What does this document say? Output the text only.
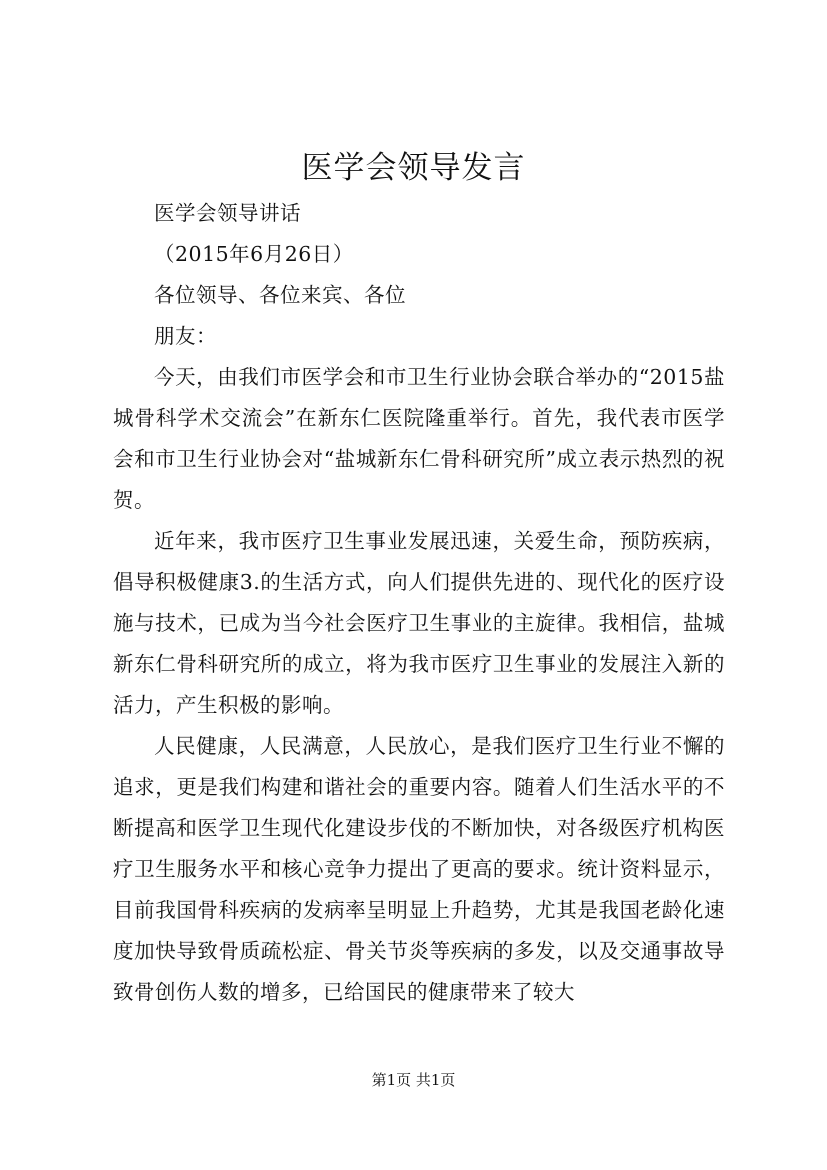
医学会领导发言

医学会领导讲话

（2015年6月26日）

各位领导、各位来宾、各位

朋友：

今天，由我们市医学会和市卫生行业协会联合举办的“2015盐城骨科学术交流会”在新东仁医院隆重举行。首先，我代表市医学会和市卫生行业协会对“盐城新东仁骨科研究所”成立表示热烈的祝贺。

近年来，我市医疗卫生事业发展迅速，关爱生命，预防疾病，倡导积极健康3.的生活方式，向人们提供先进的、现代化的医疗设施与技术，已成为当今社会医疗卫生事业的主旋律。我相信，盐城新东仁骨科研究所的成立，将为我市医疗卫生事业的发展注入新的活力，产生积极的影响。

人民健康，人民满意，人民放心，是我们医疗卫生行业不懈的追求，更是我们构建和谐社会的重要内容。随着人们生活水平的不断提高和医学卫生现代化建设步伐的不断加快，对各级医疗机构医疗卫生服务水平和核心竞争力提出了更高的要求。统计资料显示，目前我国骨科疾病的发病率呈明显上升趋势，尤其是我国老龄化速度加快导致骨质疏松症、骨关节炎等疾病的多发，以及交通事故导致骨创伤人数的增多，已给国民的健康带来了较大

第1页 共1页
